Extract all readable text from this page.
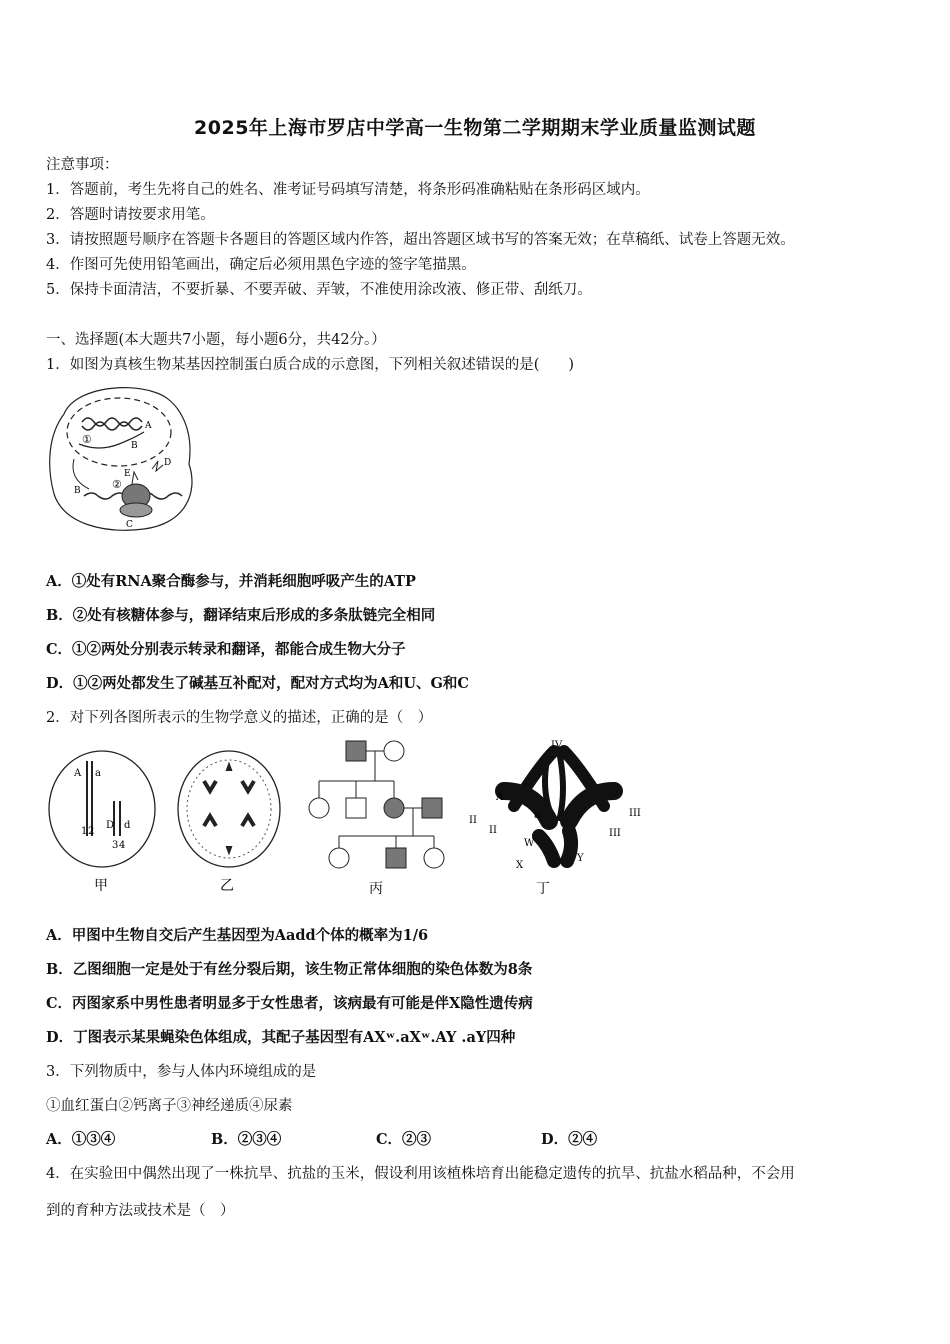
2025年上海市罗店中学高一生物第二学期期末学业质量监测试题
注意事项：
1．答题前，考生先将自己的姓名、准考证号码填写清楚，将条形码准确粘贴在条形码区域内。
2．答题时请按要求用笔。
3．请按照题号顺序在答题卡各题目的答题区域内作答，超出答题区域书写的答案无效；在草稿纸、试卷上答题无效。
4．作图可先使用铅笔画出，确定后必须用黑色字迹的签字笔描黑。
5．保持卡面清洁，不要折暴、不要弄破、弄皱，不准使用涂改液、修正带、刮纸刀。
一、选择题(本大题共7小题，每小题6分，共42分。）
1．如图为真核生物某基因控制蛋白质合成的示意图，下列相关叙述错误的是(　　)
①
②
A
B
B
C
D
E
A．①处有RNA聚合酶参与，并消耗细胞呼吸产生的ATP
B．②处有核糖体参与，翻译结束后形成的多条肽链完全相同
C．①②两处分别表示转录和翻译，都能合成生物大分子
D．①②两处都发生了碱基互补配对，配对方式均为A和U、G和C
2．对下列各图所表示的生物学意义的描述，正确的是（　）
A a
1 2
D d
3 4
甲	乙	丙
IV
II
II
III
III
A
a
W
X
Y
丁
A．甲图中生物自交后产生基因型为Aadd个体的概率为1/6
B．乙图细胞一定是处于有丝分裂后期，该生物正常体细胞的染色体数为8条
C．丙图家系中男性患者明显多于女性患者，该病最有可能是伴X隐性遗传病
D．丁图表示某果蝇染色体组成，其配子基因型有AXʷ.aXʷ.AY .aY四种
3．下列物质中，参与人体内环境组成的是
①血红蛋白②钙离子③神经递质④尿素
A．①③④	B．②③④	C．②③	D．②④
4．在实验田中偶然出现了一株抗旱、抗盐的玉米，假设利用该植株培育出能稳定遗传的抗旱、抗盐水稻品种，不会用
到的育种方法或技术是（　）
